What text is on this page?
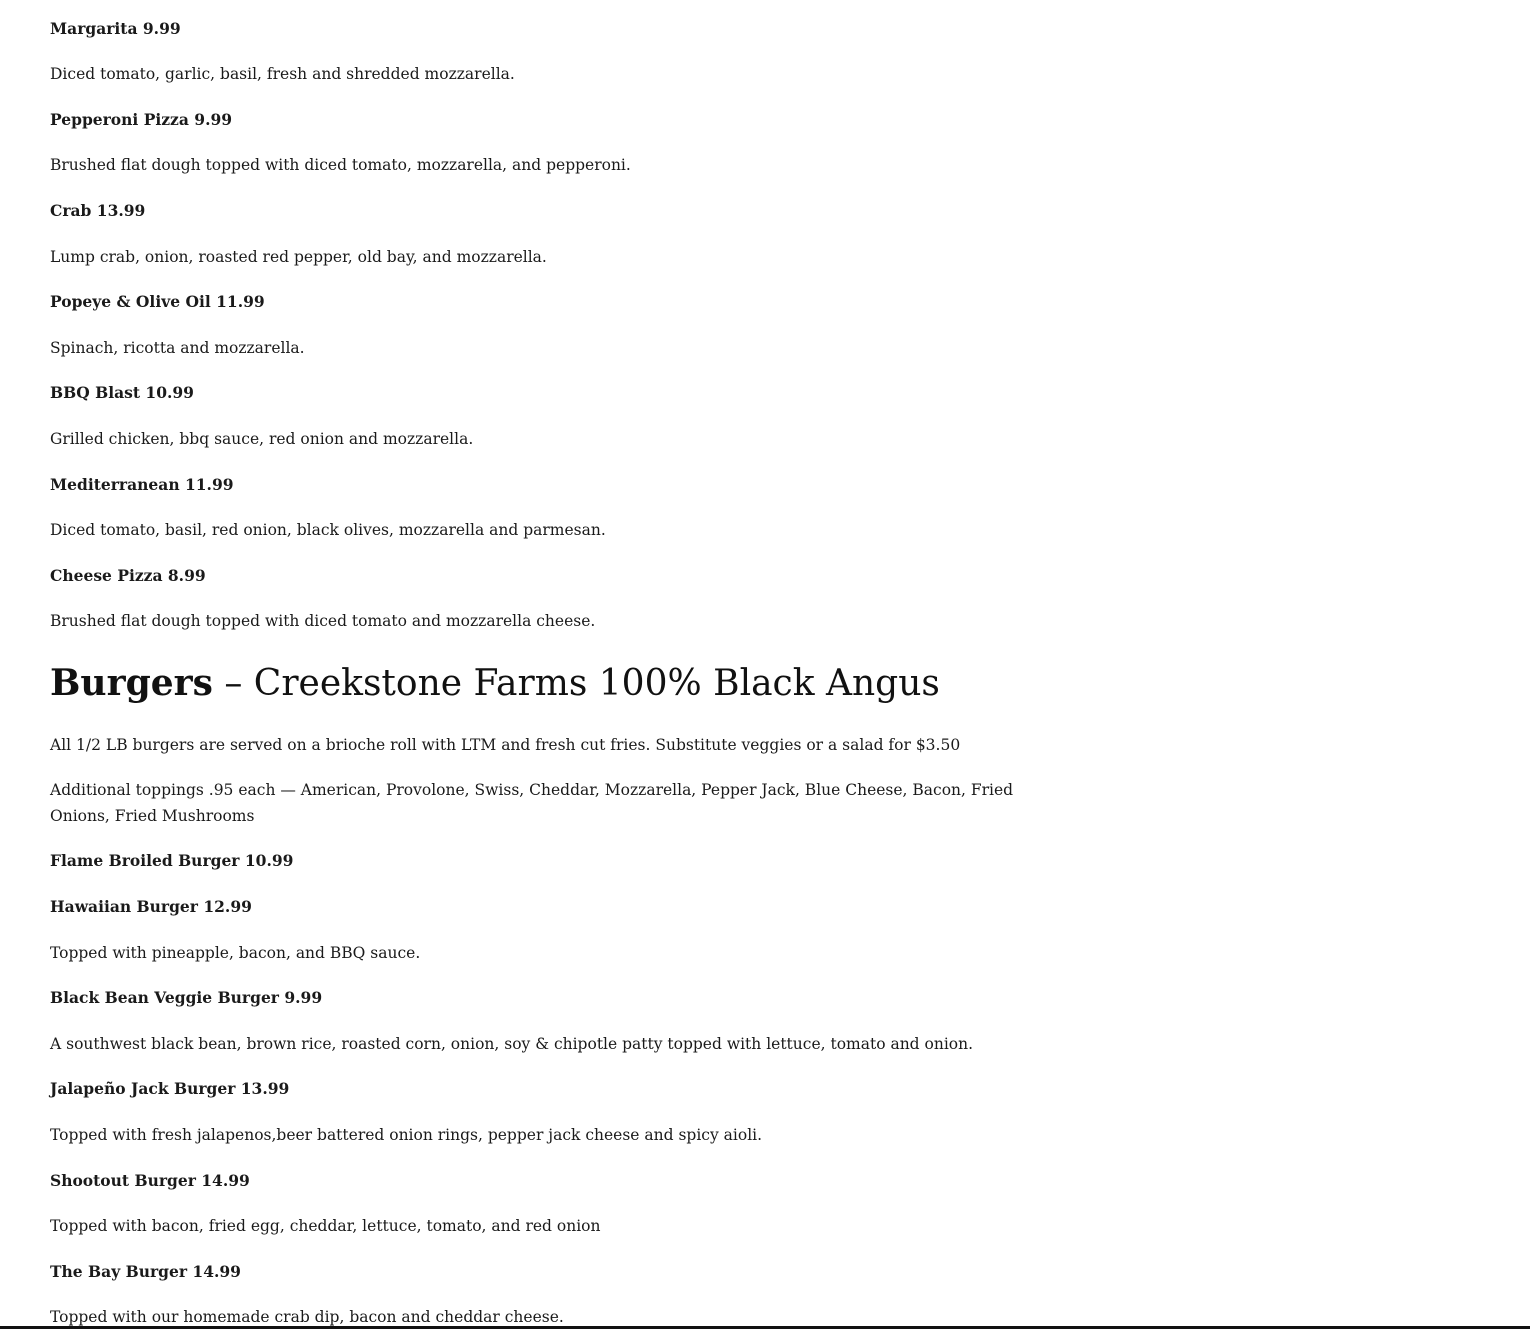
Margarita 9.99

Diced tomato, garlic, basil, fresh and shredded mozzarella.

Pepperoni Pizza 9.99

Brushed flat dough topped with diced tomato, mozzarella, and pepperoni.

Crab 13.99

Lump crab, onion, roasted red pepper, old bay, and mozzarella.

Popeye & Olive Oil 11.99

Spinach, ricotta and mozzarella.

BBQ Blast 10.99

Grilled chicken, bbq sauce, red onion and mozzarella.

Mediterranean 11.99

Diced tomato, basil, red onion, black olives, mozzarella and parmesan.

Cheese Pizza 8.99

Brushed flat dough topped with diced tomato and mozzarella cheese.

Burgers – Creekstone Farms 100% Black Angus

All 1/2 LB burgers are served on a brioche roll with LTM and fresh cut fries. Substitute veggies or a salad for $3.50

Additional toppings .95 each — American, Provolone, Swiss, Cheddar, Mozzarella, Pepper Jack, Blue Cheese, Bacon, Fried Onions, Fried Mushrooms

Flame Broiled Burger 10.99

Hawaiian Burger 12.99

Topped with pineapple, bacon, and BBQ sauce.

Black Bean Veggie Burger 9.99

A southwest black bean, brown rice, roasted corn, onion, soy & chipotle patty topped with lettuce, tomato and onion.

Jalapeño Jack Burger 13.99

Topped with fresh jalapenos,beer battered onion rings, pepper jack cheese and spicy aioli.

Shootout Burger 14.99

Topped with bacon, fried egg, cheddar, lettuce, tomato, and red onion

The Bay Burger 14.99

Topped with our homemade crab dip, bacon and cheddar cheese.
